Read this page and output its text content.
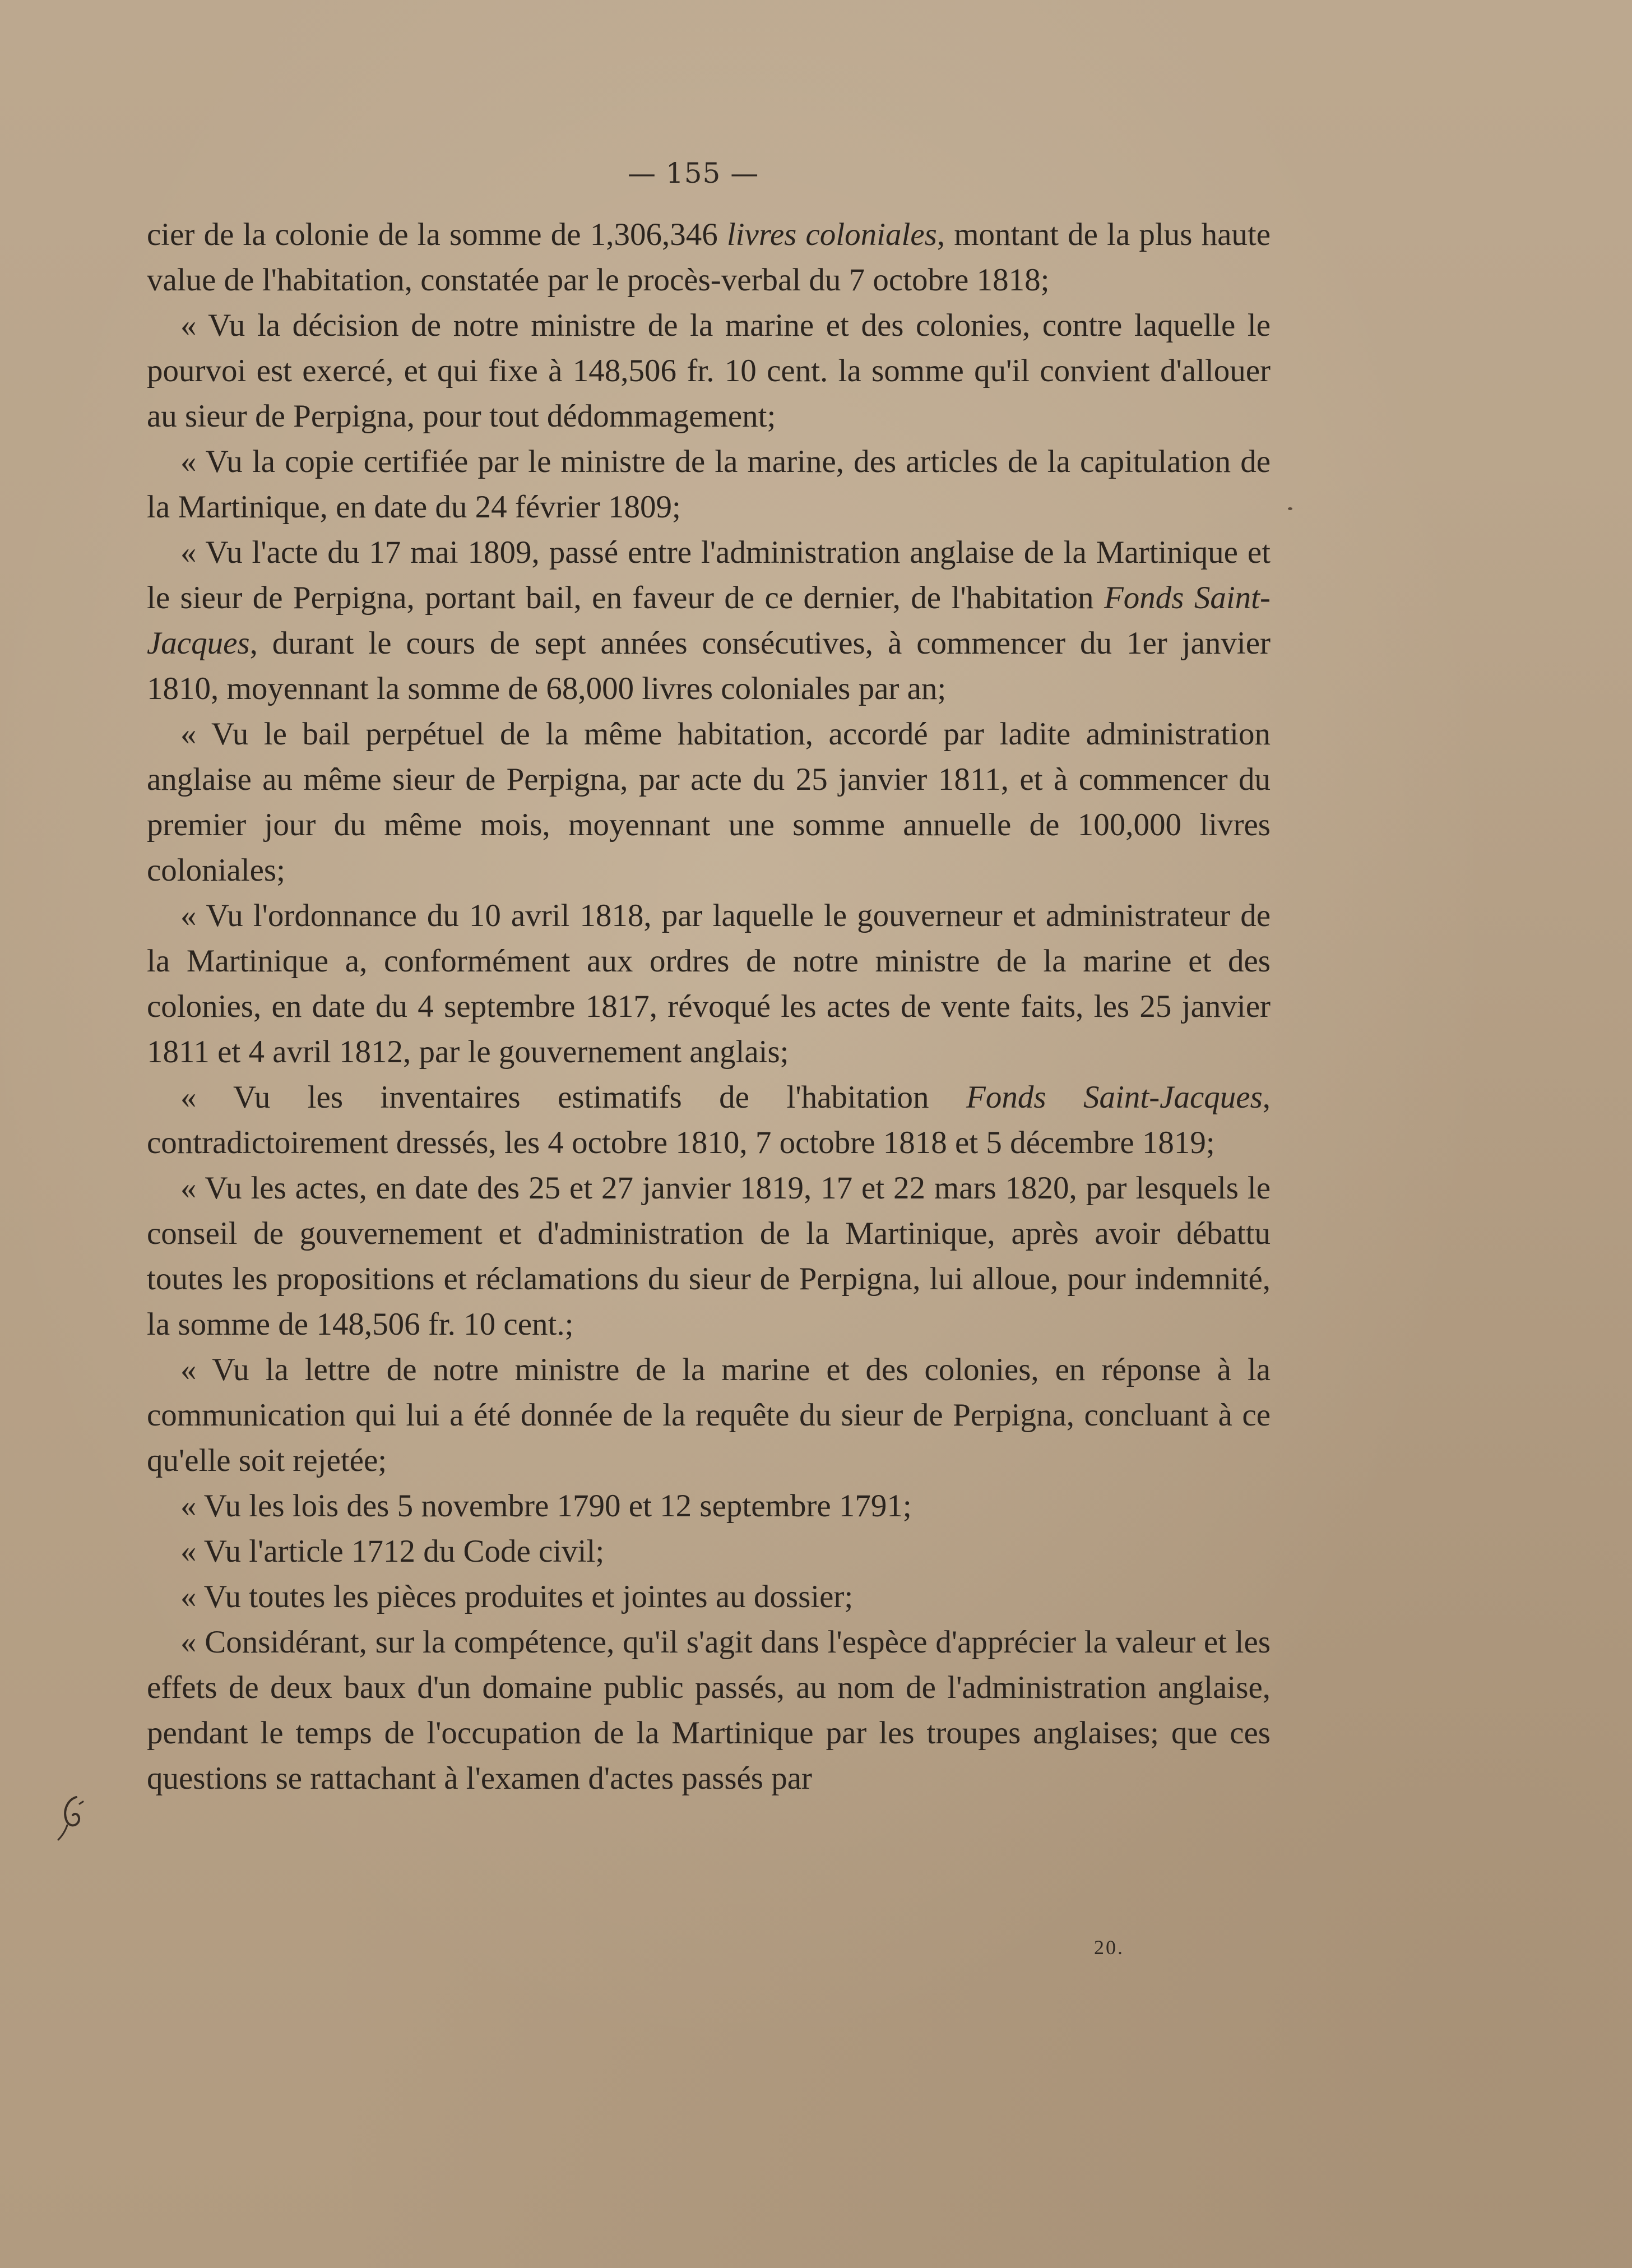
— 155 —

cier de la colonie de la somme de 1,306,346 livres coloniales, montant de la plus haute value de l'habitation, constatée par le procès-verbal du 7 octobre 1818;

« Vu la décision de notre ministre de la marine et des colonies, contre laquelle le pourvoi est exercé, et qui fixe à 148,506 fr. 10 cent. la somme qu'il convient d'allouer au sieur de Perpigna, pour tout dédommagement;

« Vu la copie certifiée par le ministre de la marine, des articles de la capitulation de la Martinique, en date du 24 février 1809;

« Vu l'acte du 17 mai 1809, passé entre l'administration anglaise de la Martinique et le sieur de Perpigna, portant bail, en faveur de ce dernier, de l'habitation Fonds Saint-Jacques, durant le cours de sept années consécutives, à commencer du 1er janvier 1810, moyennant la somme de 68,000 livres coloniales par an;

« Vu le bail perpétuel de la même habitation, accordé par ladite administration anglaise au même sieur de Perpigna, par acte du 25 janvier 1811, et à commencer du premier jour du même mois, moyennant une somme annuelle de 100,000 livres coloniales;

« Vu l'ordonnance du 10 avril 1818, par laquelle le gouverneur et administrateur de la Martinique a, conformément aux ordres de notre ministre de la marine et des colonies, en date du 4 septembre 1817, révoqué les actes de vente faits, les 25 janvier 1811 et 4 avril 1812, par le gouvernement anglais;

« Vu les inventaires estimatifs de l'habitation Fonds Saint-Jacques, contradictoirement dressés, les 4 octobre 1810, 7 octobre 1818 et 5 décembre 1819;

« Vu les actes, en date des 25 et 27 janvier 1819, 17 et 22 mars 1820, par lesquels le conseil de gouvernement et d'administration de la Martinique, après avoir débattu toutes les propositions et réclamations du sieur de Perpigna, lui alloue, pour indemnité, la somme de 148,506 fr. 10 cent.;

« Vu la lettre de notre ministre de la marine et des colonies, en réponse à la communication qui lui a été donnée de la requête du sieur de Perpigna, concluant à ce qu'elle soit rejetée;

« Vu les lois des 5 novembre 1790 et 12 septembre 1791;

« Vu l'article 1712 du Code civil;

« Vu toutes les pièces produites et jointes au dossier;

« Considérant, sur la compétence, qu'il s'agit dans l'espèce d'apprécier la valeur et les effets de deux baux d'un domaine public passés, au nom de l'administration anglaise, pendant le temps de l'occupation de la Martinique par les troupes anglaises; que ces questions se rattachant à l'examen d'actes passés par

20.
